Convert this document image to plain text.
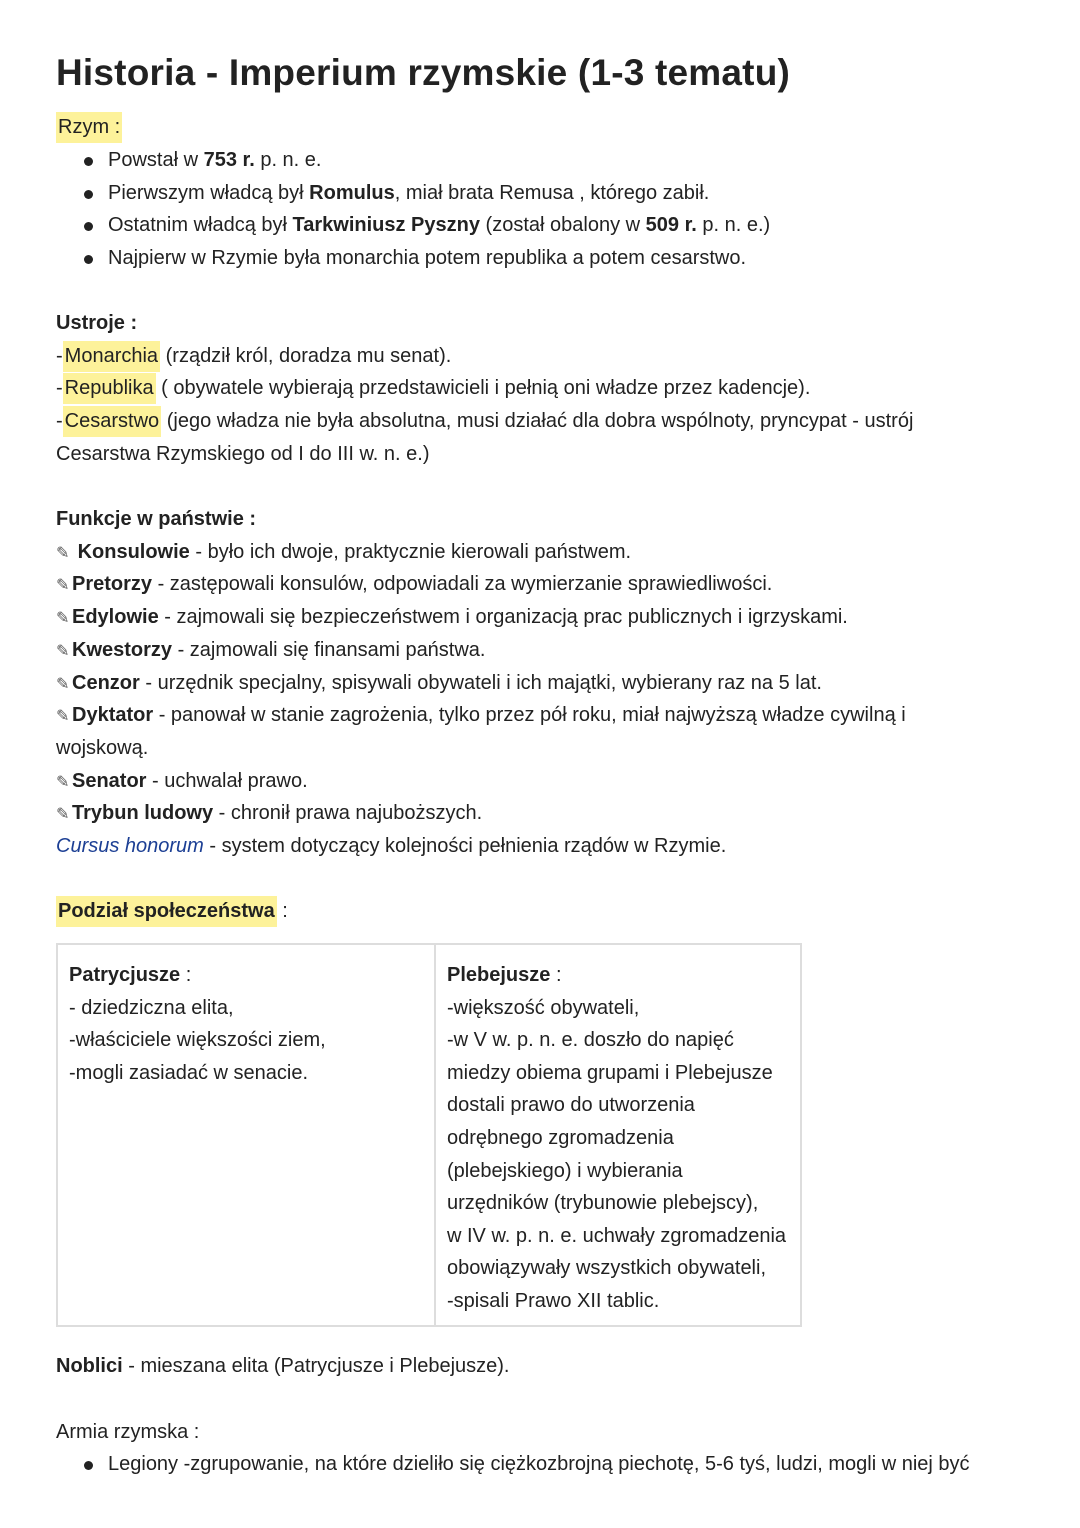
Historia - Imperium rzymskie (1-3 tematu)
Rzym :
Powstał w 753 r. p. n. e.
Pierwszym władcą był Romulus, miał brata Remusa , którego zabił.
Ostatnim władcą był Tarkwiniusz Pyszny (został obalony w 509 r. p. n. e.)
Najpierw w Rzymie była monarchia potem republika a potem cesarstwo.
Ustroje :
- Monarchia (rządził król, doradza mu senat).
- Republika ( obywatele wybierają przedstawicieli i pełnią oni władze przez kadencje).
- Cesarstwo (jego władza nie była absolutna, musi działać dla dobra wspólnoty, pryncypat - ustrój
Cesarstwa Rzymskiego od I do III w. n. e.)
Funkcje w państwie :
✎ Konsulowie - było ich dwoje, praktycznie kierowali państwem.
✎ Pretorzy - zastępowali konsulów, odpowiadali za wymierzanie sprawiedliwości.
✎ Edylowie - zajmowali się bezpieczeństwem i organizacją prac publicznych i igrzyskami.
✎ Kwestorzy - zajmowali się finansami państwa.
✎ Cenzor - urzędnik specjalny, spisywali obywateli i ich majątki, wybierany raz na 5 lat.
✎ Dyktator - panował w stanie zagrożenia, tylko przez pół roku, miał najwyższą władze cywilną i
wojskową.
✎ Senator - uchwalał prawo.
✎ Trybun ludowy - chronił prawa najuboższych.
Cursus honorum - system dotyczący kolejności pełnienia rządów w Rzymie.
Podział społeczeństwa :
Patrycjusze :
- dziedziczna elita,
-właściciele większości ziem,
-mogli zasiadać w senacie.

Plebejusze :
-większość obywateli,
-w V w. p. n. e. doszło do napięć
miedzy obiema grupami i Plebejusze
dostali prawo do utworzenia
odrębnego zgromadzenia
(plebejskiego) i wybierania
urzędników (trybunowie plebejscy),
w IV w. p. n. e. uchwały zgromadzenia
obowiązywały wszystkich obywateli,
-spisali Prawo XII tablic.
Noblici - mieszana elita (Patrycjusze i Plebejusze).
Armia rzymska :
Legiony -zgrupowanie, na które dzieliło się ciężkozbrojną piechotę, 5-6 tyś, ludzi, mogli w niej być
